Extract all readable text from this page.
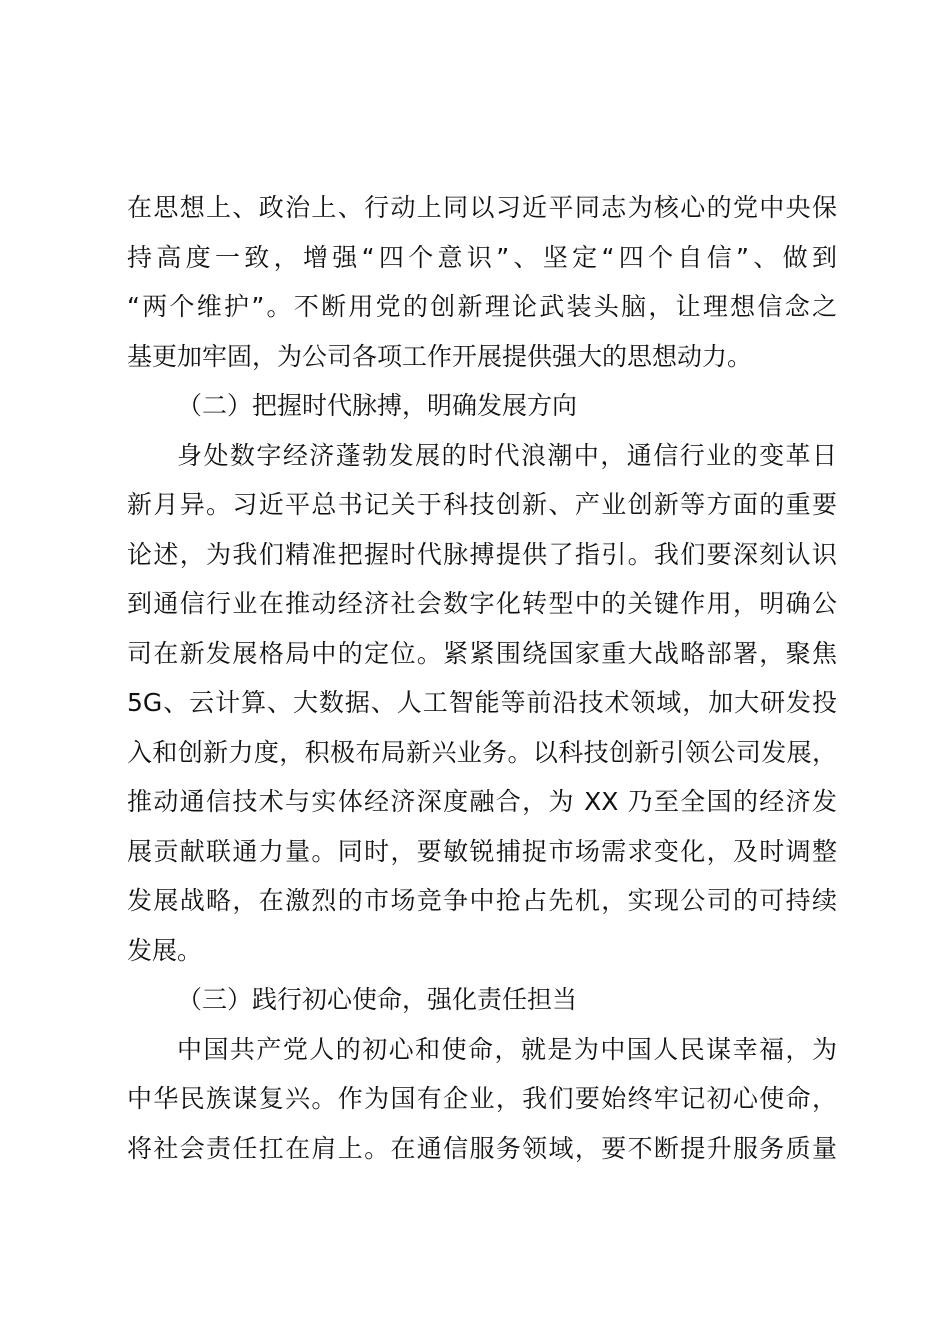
在思想上、政治上、行动上同以习近平同志为核心的党中央保
持高度一致，增强“四个意识”、坚定“四个自信”、做到
“两个维护”。不断用党的创新理论武装头脑，让理想信念之
基更加牢固，为公司各项工作开展提供强大的思想动力。
（二）把握时代脉搏，明确发展方向
身处数字经济蓬勃发展的时代浪潮中，通信行业的变革日
新月异。习近平总书记关于科技创新、产业创新等方面的重要
论述，为我们精准把握时代脉搏提供了指引。我们要深刻认识
到通信行业在推动经济社会数字化转型中的关键作用，明确公
司在新发展格局中的定位。紧紧围绕国家重大战略部署，聚焦
5G、云计算、大数据、人工智能等前沿技术领域，加大研发投
入和创新力度，积极布局新兴业务。以科技创新引领公司发展，
推动通信技术与实体经济深度融合，为 XX 乃至全国的经济发
展贡献联通力量。同时，要敏锐捕捉市场需求变化，及时调整
发展战略，在激烈的市场竞争中抢占先机，实现公司的可持续
发展。
（三）践行初心使命，强化责任担当
中国共产党人的初心和使命，就是为中国人民谋幸福，为
中华民族谋复兴。作为国有企业，我们要始终牢记初心使命，
将社会责任扛在肩上。在通信服务领域，要不断提升服务质量
